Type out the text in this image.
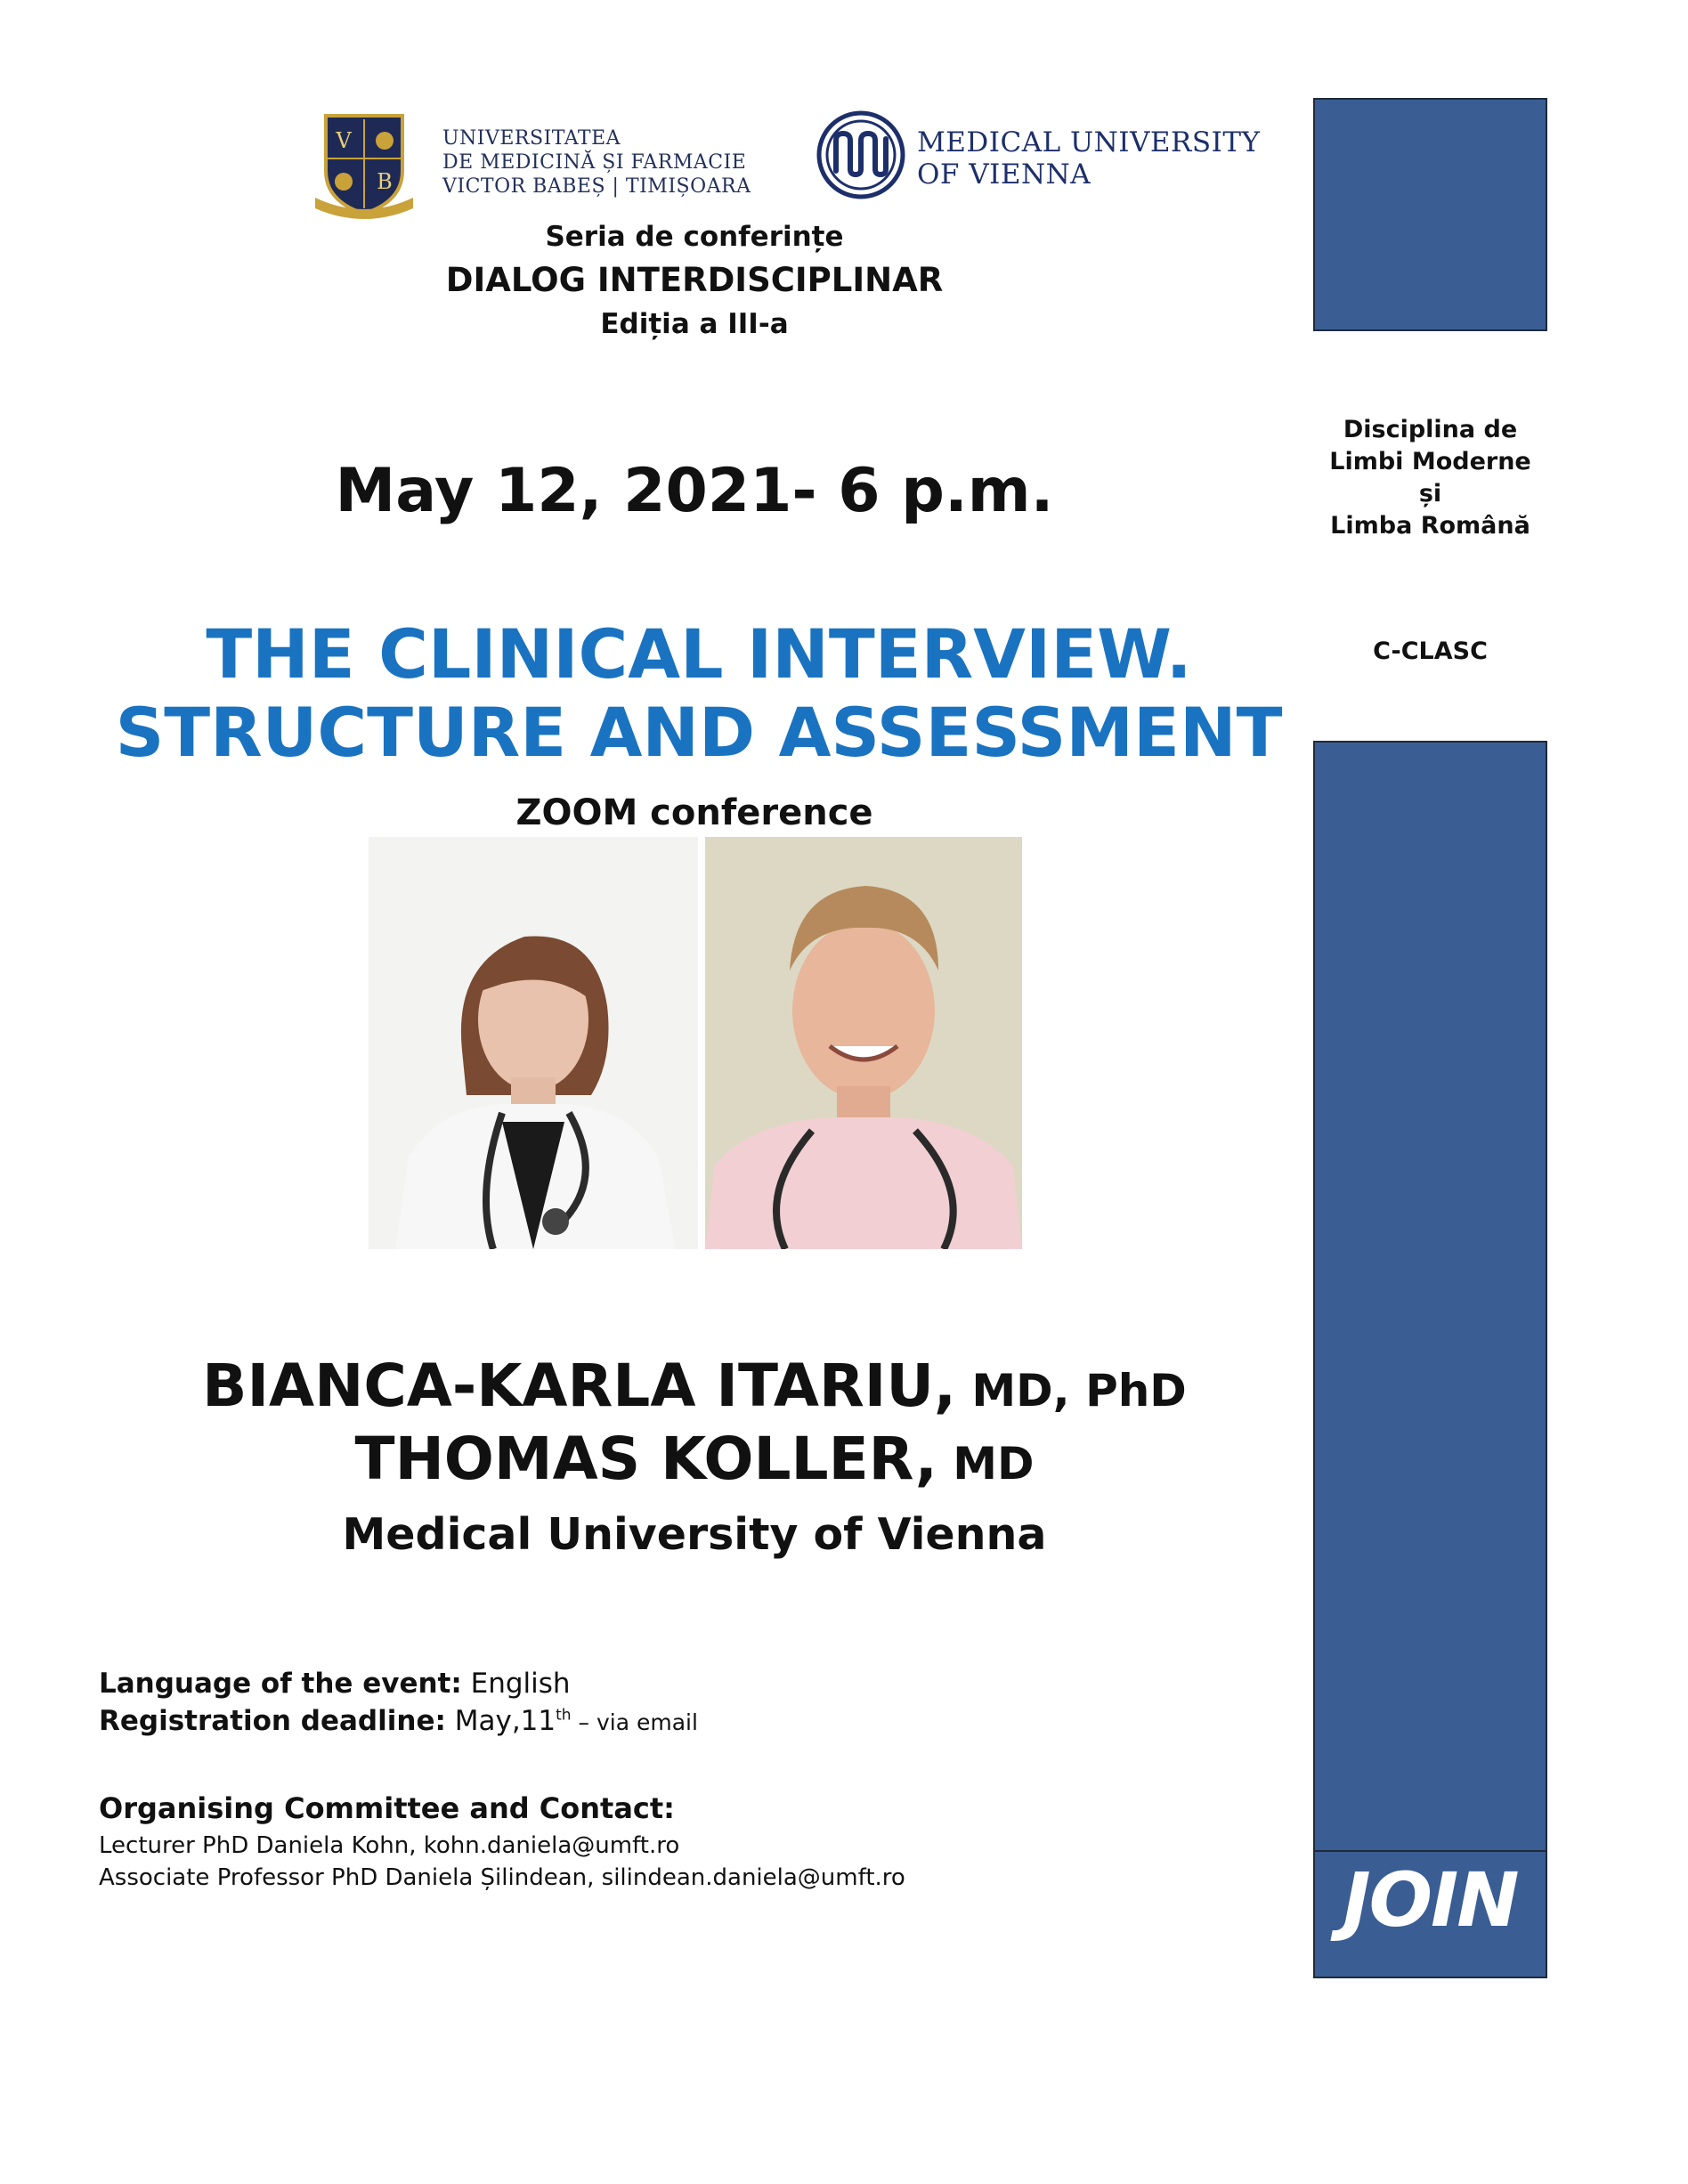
V
B
UNIVERSITATEA
DE MEDICINĂ ȘI FARMACIE
VICTOR BABEȘ | TIMIȘOARA
MEDICAL UNIVERSITY
OF VIENNA
Seria de conferințe
DIALOG INTERDISCIPLINAR
Ediția a III-a
May 12, 2021- 6 p.m.
THE CLINICAL INTERVIEW.
STRUCTURE AND ASSESSMENT
ZOOM conference
BIANCA-KARLA ITARIU, MD, PhD
THOMAS KOLLER, MD
Medical University of Vienna
Language of the event: English
Registration deadline: May,11th – via email
Organising Committee and Contact:
Lecturer PhD Daniela Kohn, kohn.daniela@umft.ro
Associate Professor PhD Daniela Șilindean, silindean.daniela@umft.ro
Disciplina de
Limbi Moderne
și
Limba Română
C-CLASC
JOIN
